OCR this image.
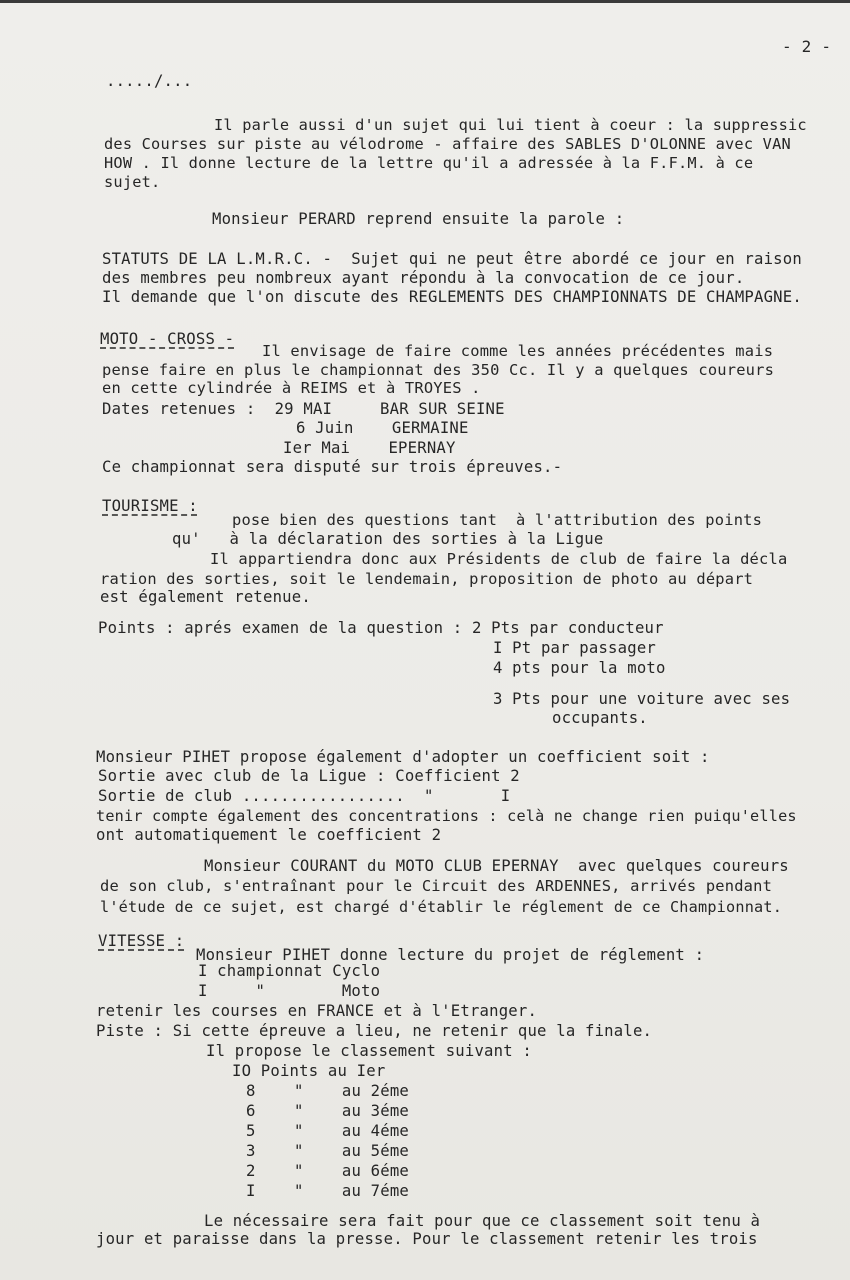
- 2 -
...../...
Il parle aussi d'un sujet qui lui tient à coeur : la suppressic
des Courses sur piste au vélodrome - affaire des SABLES D'OLONNE avec VAN
HOW . Il donne lecture de la lettre qu'il a adressée à la F.F.M. à ce
sujet.
Monsieur PERARD reprend ensuite la parole :
STATUTS DE LA L.M.R.C. -  Sujet qui ne peut être abordé ce jour en raison
des membres peu nombreux ayant répondu à la convocation de ce jour.
Il demande que l'on discute des REGLEMENTS DES CHAMPIONNATS DE CHAMPAGNE.
MOTO - CROSS -
Il envisage de faire comme les années précédentes mais
pense faire en plus le championnat des 350 Cc. Il y a quelques coureurs
en cette cylindrée à REIMS et à TROYES .
Dates retenues :  29 MAI     BAR SUR SEINE
6 Juin    GERMAINE
Ier Mai    EPERNAY
Ce championnat sera disputé sur trois épreuves.-
TOURISME :
pose bien des questions tant  à l'attribution des points
qu'   à la déclaration des sorties à la Ligue
Il appartiendra donc aux Présidents de club de faire la décla
ration des sorties, soit le lendemain, proposition de photo au départ
est également retenue.
Points : aprés examen de la question : 2 Pts par conducteur
I Pt par passager
4 pts pour la moto
3 Pts pour une voiture avec ses
occupants.
Monsieur PIHET propose également d'adopter un coefficient soit :
Sortie avec club de la Ligue : Coefficient 2
Sortie de club .................  "       I
tenir compte également des concentrations : celà ne change rien puiqu'elles
ont automatiquement le coefficient 2
Monsieur COURANT du MOTO CLUB EPERNAY  avec quelques coureurs
de son club, s'entraînant pour le Circuit des ARDENNES, arrivés pendant
l'étude de ce sujet, est chargé d'établir le réglement de ce Championnat.
VITESSE :
Monsieur PIHET donne lecture du projet de réglement :
I championnat Cyclo
I     "        Moto
retenir les courses en FRANCE et à l'Etranger.
Piste : Si cette épreuve a lieu, ne retenir que la finale.
Il propose le classement suivant :
IO Points au Ier
8    "    au 2éme
6    "    au 3éme
5    "    au 4éme
3    "    au 5éme
2    "    au 6éme
I    "    au 7éme
Le nécessaire sera fait pour que ce classement soit tenu à
jour et paraisse dans la presse. Pour le classement retenir les trois
